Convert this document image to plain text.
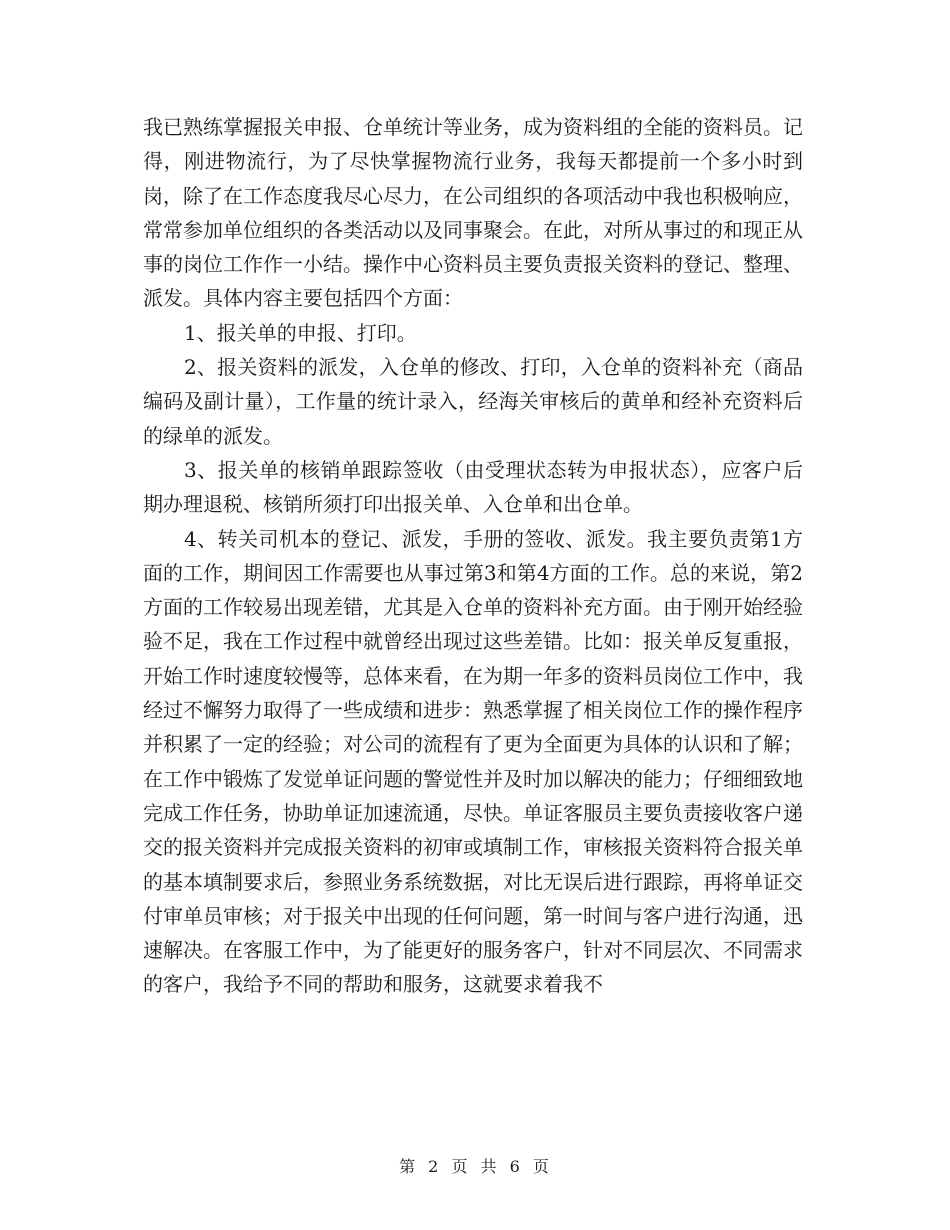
我已熟练掌握报关申报、仓单统计等业务，成为资料组的全能的资料员。记得，刚进物流行，为了尽快掌握物流行业务，我每天都提前一个多小时到岗，除了在工作态度我尽心尽力，在公司组织的各项活动中我也积极响应，常常参加单位组织的各类活动以及同事聚会。在此，对所从事过的和现正从事的岗位工作作一小结。操作中心资料员主要负责报关资料的登记、整理、派发。具体内容主要包括四个方面：

1、报关单的申报、打印。

2、报关资料的派发，入仓单的修改、打印，入仓单的资料补充（商品编码及副计量），工作量的统计录入，经海关审核后的黄单和经补充资料后的绿单的派发。

3、报关单的核销单跟踪签收（由受理状态转为申报状态），应客户后期办理退税、核销所须打印出报关单、入仓单和出仓单。

4、转关司机本的登记、派发，手册的签收、派发。我主要负责第1方面的工作，期间因工作需要也从事过第3和第4方面的工作。总的来说，第2方面的工作较易出现差错，尤其是入仓单的资料补充方面。由于刚开始经验验不足，我在工作过程中就曾经出现过这些差错。比如：报关单反复重报，开始工作时速度较慢等，总体来看，在为期一年多的资料员岗位工作中，我经过不懈努力取得了一些成绩和进步：熟悉掌握了相关岗位工作的操作程序并积累了一定的经验；对公司的流程有了更为全面更为具体的认识和了解；在工作中锻炼了发觉单证问题的警觉性并及时加以解决的能力；仔细细致地完成工作任务，协助单证加速流通，尽快。单证客服员主要负责接收客户递交的报关资料并完成报关资料的初审或填制工作，审核报关资料符合报关单的基本填制要求后，参照业务系统数据，对比无误后进行跟踪，再将单证交付审单员审核；对于报关中出现的任何问题，第一时间与客户进行沟通，迅速解决。在客服工作中，为了能更好的服务客户，针对不同层次、不同需求的客户，我给予不同的帮助和服务，这就要求着我不

第 2 页 共 6 页
